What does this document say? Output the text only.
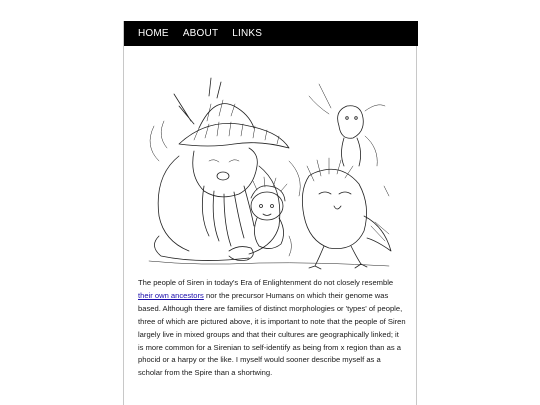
HOME ABOUT LINKS

The people of Siren in today's Era of Enlightenment do not closely resemble their own ancestors nor the precursor Humans on which their genome was based. Although there are families of distinct morphologies or 'types' of people, three of which are pictured above, it is important to note that the people of Siren largely live in mixed groups and that their cultures are geographically linked; it is more common for a Sirenian to self-identify as being from x region than as a phocid or a harpy or the like. I myself would sooner describe myself as a scholar from the Spire than a shortwing.
